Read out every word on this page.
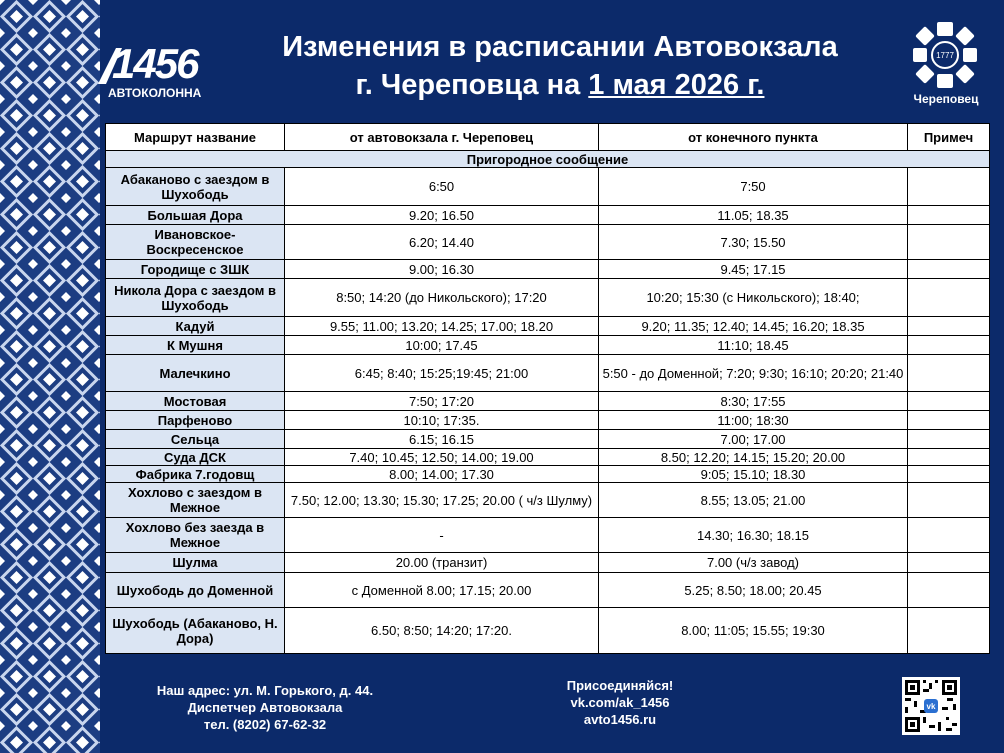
1456
АВТОКОЛОННА
Изменения в расписании Автовокзала
г. Череповца на 1 мая 2026 г.
1777
Череповец
Маршрут название	от автовокзала г. Череповец	от конечного пункта	Примеч
Пригородное сообщение			
Абаканово с заездом в Шухободь	6:50	7:50	
Большая Дора	9.20; 16.50	11.05; 18.35	
Ивановское-Воскресенское	6.20; 14.40	7.30; 15.50	
Городище с ЗШК	9.00; 16.30	9.45; 17.15	
Никола Дора с заездом в Шухободь	8:50; 14:20 (до Никольского); 17:20	10:20; 15:30 (с Никольского); 18:40;	
Кадуй	9.55; 11.00; 13.20; 14.25; 17.00; 18.20	9.20; 11.35; 12.40; 14.45; 16.20; 18.35	
К Мушня	10:00; 17.45	11:10; 18.45	
Малечкино	6:45; 8:40; 15:25;19:45; 21:00	5:50 - до Доменной; 7:20; 9:30; 16:10; 20:20; 21:40	
Мостовая	7:50; 17:20	8:30; 17:55	
Парфеново	10:10; 17:35.	11:00; 18:30	
Сельца	6.15; 16.15	7.00; 17.00	
Суда ДСК	7.40; 10.45; 12.50; 14.00; 19.00	8.50; 12.20; 14.15; 15.20; 20.00	
Фабрика 7.годовщ	8.00; 14.00; 17.30	9:05; 15.10; 18.30	
Хохлово с заездом в Межное	7.50; 12.00; 13.30; 15.30; 17.25; 20.00 ( ч/з Шулму)	8.55; 13.05; 21.00	
Хохлово без заезда в Межное	-	14.30; 16.30; 18.15	
Шулма	20.00 (транзит)	7.00 (ч/з завод)	
Шухободь до Доменной	с Доменной 8.00; 17.15; 20.00	5.25; 8.50; 18.00; 20.45	
Шухободь (Абаканово, Н. Дора)	6.50; 8:50; 14:20; 17:20.	8.00; 11:05; 15.55; 19:30	
Наш адрес: ул. М. Горького, д. 44.
Диспетчер Автовокзала
тел. (8202) 67-62-32
Присоединяйся!
vk.com/ak_1456
avto1456.ru
vk
